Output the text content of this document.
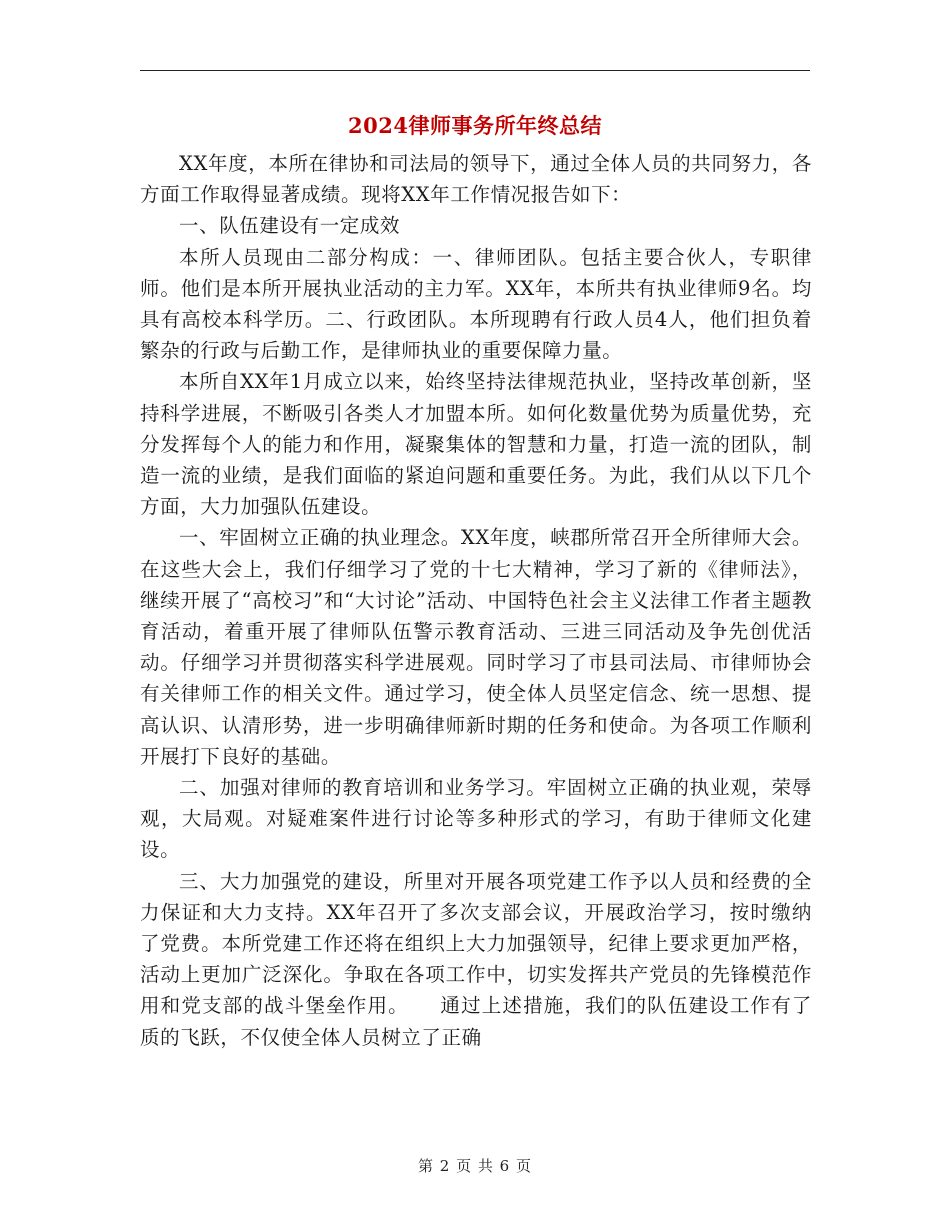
2024律师事务所年终总结

XX年度，本所在律协和司法局的领导下，通过全体人员的共同努力，各方面工作取得显著成绩。现将XX年工作情况报告如下：

一、队伍建设有一定成效

本所人员现由二部分构成：一、律师团队。包括主要合伙人，专职律师。他们是本所开展执业活动的主力军。XX年，本所共有执业律师9名。均具有高校本科学历。二、行政团队。本所现聘有行政人员4人，他们担负着繁杂的行政与后勤工作，是律师执业的重要保障力量。

本所自XX年1月成立以来，始终坚持法律规范执业，坚持改革创新，坚持科学进展，不断吸引各类人才加盟本所。如何化数量优势为质量优势，充分发挥每个人的能力和作用，凝聚集体的智慧和力量，打造一流的团队，制造一流的业绩，是我们面临的紧迫问题和重要任务。为此，我们从以下几个方面，大力加强队伍建设。

一、牢固树立正确的执业理念。XX年度，峡郡所常召开全所律师大会。在这些大会上，我们仔细学习了党的十七大精神，学习了新的《律师法》，继续开展了“高校习”和“大讨论”活动、中国特色社会主义法律工作者主题教育活动，着重开展了律师队伍警示教育活动、三进三同活动及争先创优活动。仔细学习并贯彻落实科学进展观。同时学习了市县司法局、市律师协会有关律师工作的相关文件。通过学习，使全体人员坚定信念、统一思想、提高认识、认清形势，进一步明确律师新时期的任务和使命。为各项工作顺利开展打下良好的基础。

二、加强对律师的教育培训和业务学习。牢固树立正确的执业观，荣辱观，大局观。对疑难案件进行讨论等多种形式的学习，有助于律师文化建设。

三、大力加强党的建设，所里对开展各项党建工作予以人员和经费的全力保证和大力支持。XX年召开了多次支部会议，开展政治学习，按时缴纳了党费。本所党建工作还将在组织上大力加强领导，纪律上要求更加严格，活动上更加广泛深化。争取在各项工作中，切实发挥共产党员的先锋模范作用和党支部的战斗堡垒作用。　　通过上述措施，我们的队伍建设工作有了质的飞跃，不仅使全体人员树立了正确

第 2 页 共 6 页
